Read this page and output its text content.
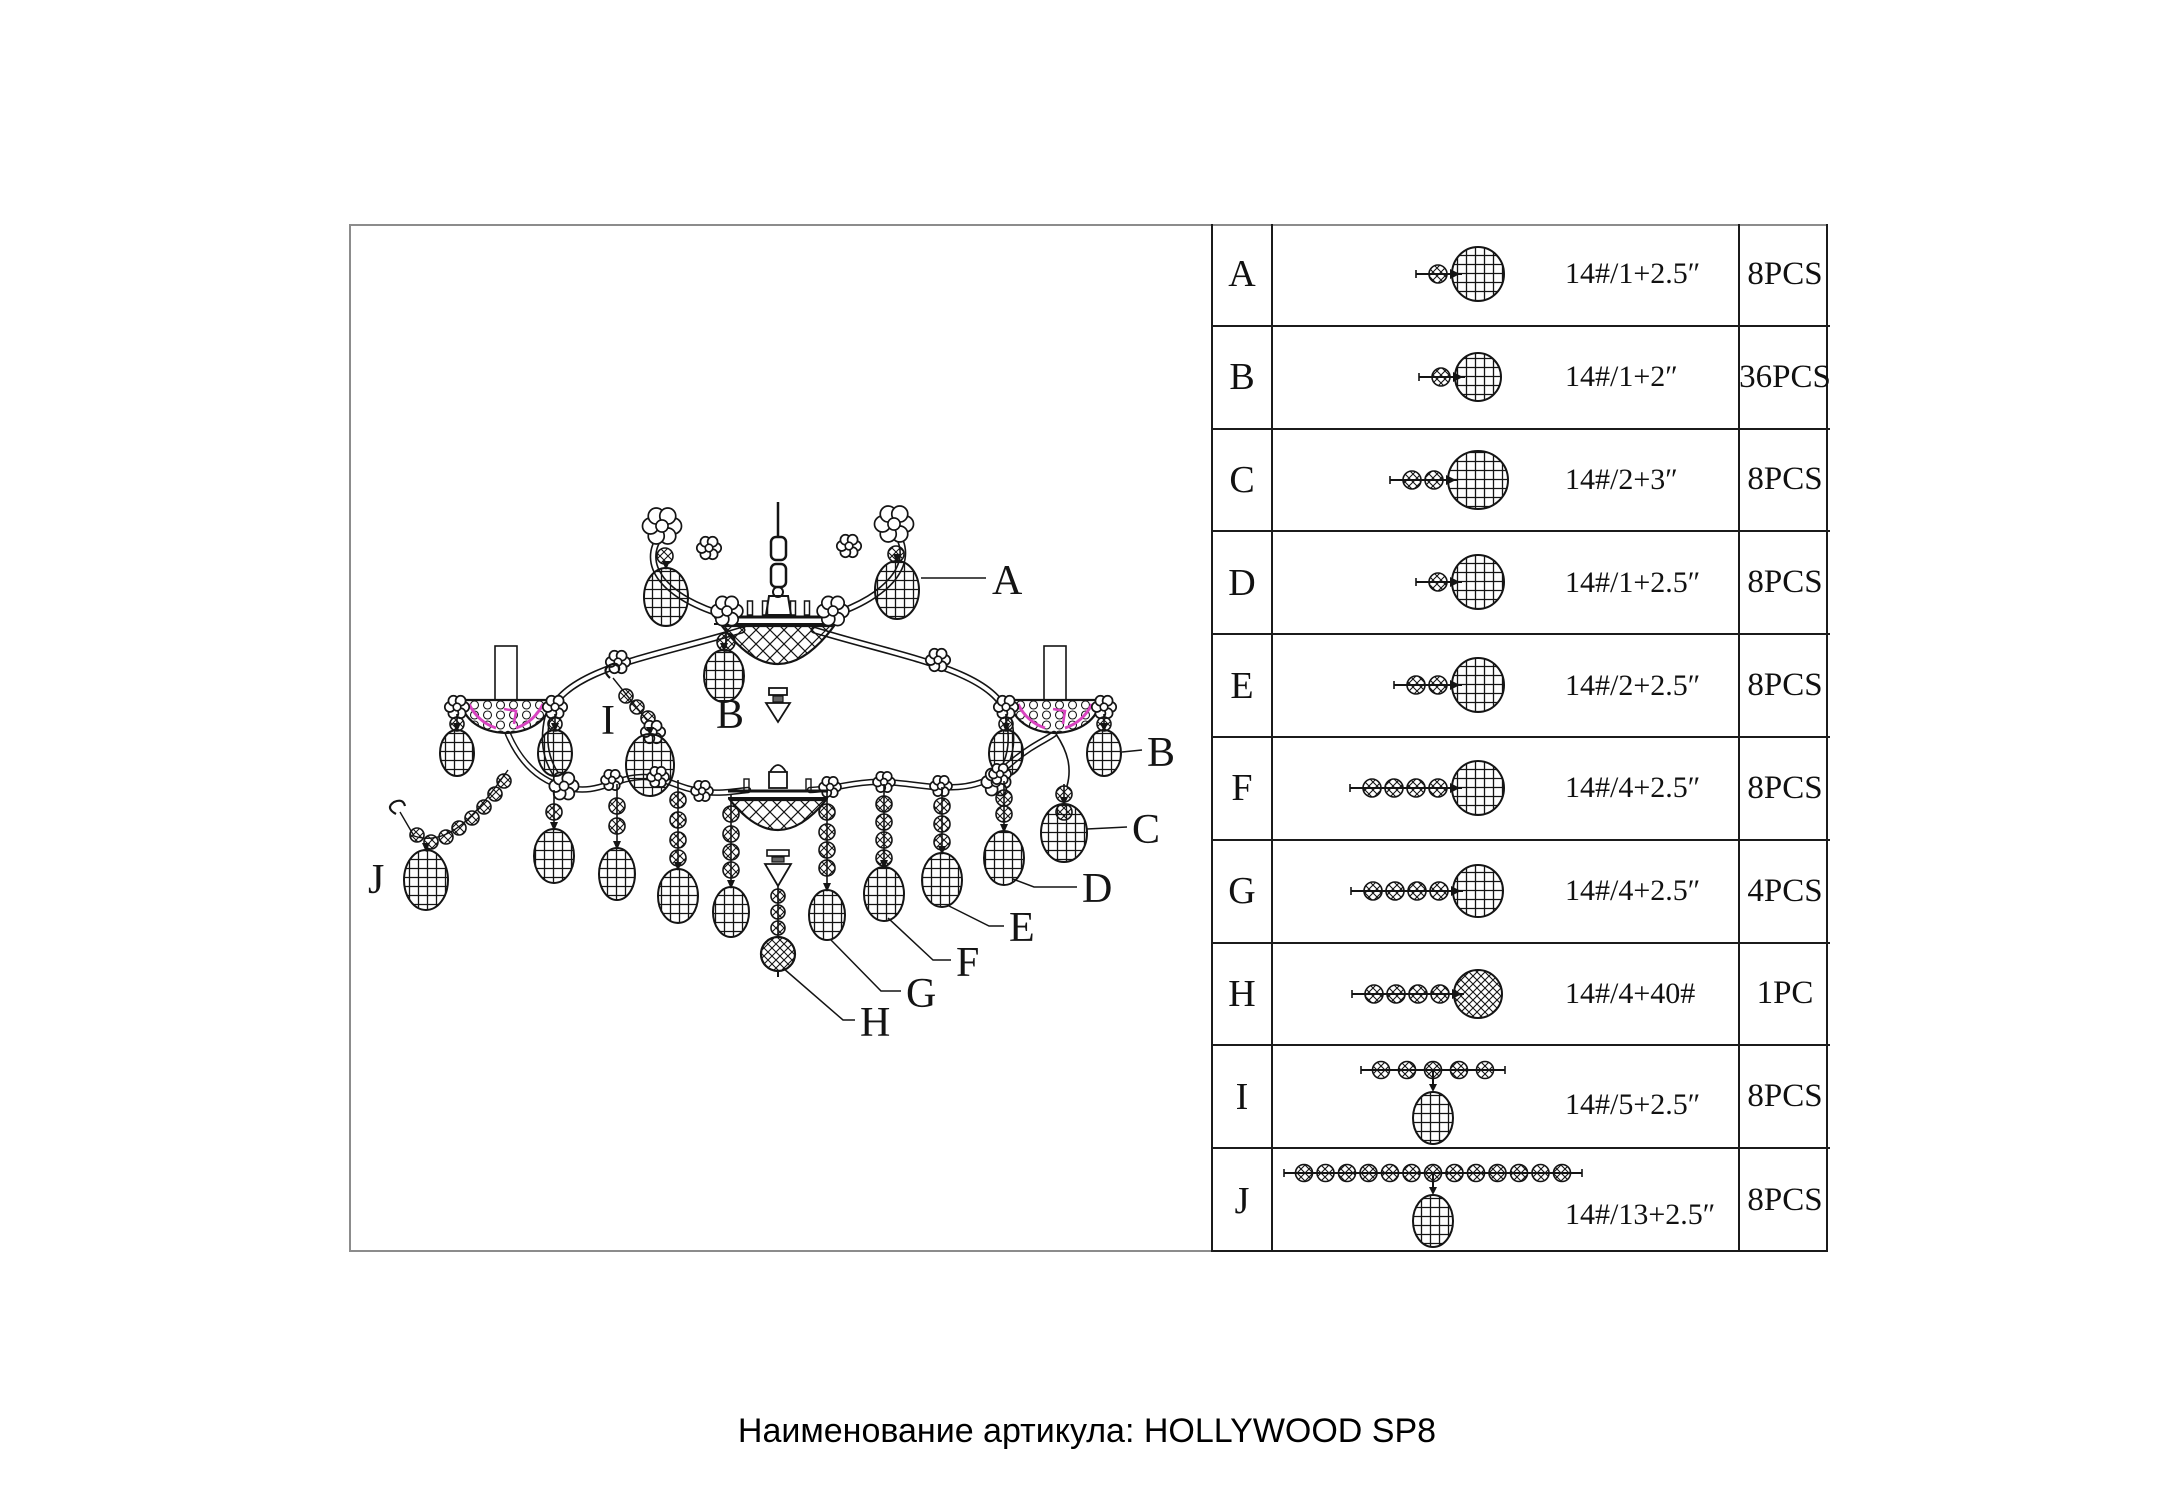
A
B
B
C
D
E
F
G
H
I
J
A	14#/1+2.5″ 8PCS
B	14#/1+2″ 36PCS
C	14#/2+3″ 8PCS
D	14#/1+2.5″ 8PCS
E	14#/2+2.5″ 8PCS
F	14#/4+2.5″ 8PCS
G	14#/4+2.5″ 4PCS
H	14#/4+40#	1PC
I	14#/5+2.5″ 8PCS
J	14#/13+2.5″ 8PCS
Наименование артикула: HOLLYWOOD SP8
